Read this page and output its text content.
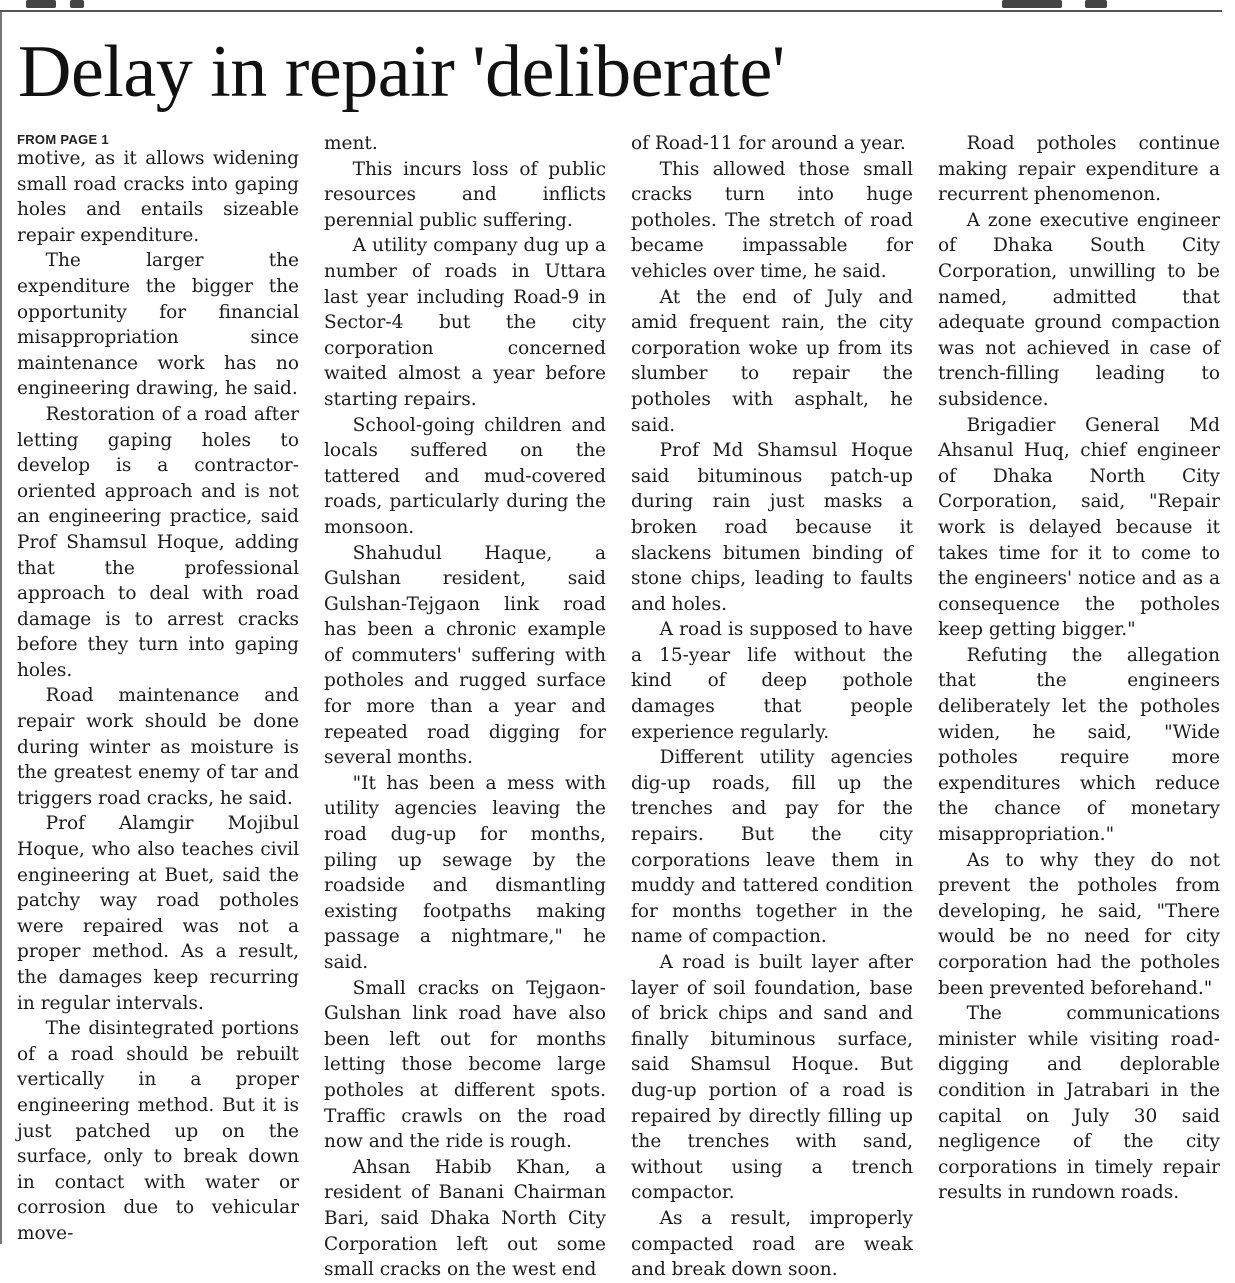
Delay in repair 'deliberate'
FROM PAGE 1

motive, as it allows widening small road cracks into gaping holes and entails sizeable repair expenditure.

The larger the expenditure the bigger the opportunity for financial misappropriation since maintenance work has no engineering drawing, he said.

Restoration of a road after letting gaping holes to develop is a contractor-oriented approach and is not an engineering practice, said Prof Shamsul Hoque, adding that the professional approach to deal with road damage is to arrest cracks before they turn into gaping holes.

Road maintenance and repair work should be done during winter as moisture is the greatest enemy of tar and triggers road cracks, he said.

Prof Alamgir Mojibul Hoque, who also teaches civil engineering at Buet, said the patchy way road potholes were repaired was not a proper method. As a result, the damages keep recurring in regular intervals.

The disintegrated portions of a road should be rebuilt vertically in a proper engineering method. But it is just patched up on the surface, only to break down in contact with water or corrosion due to vehicular move-

ment.

This incurs loss of public resources and inflicts perennial public suffering.

A utility company dug up a number of roads in Uttara last year including Road-9 in Sector-4 but the city corporation concerned waited almost a year before starting repairs.

School-going children and locals suffered on the tattered and mud-covered roads, particularly during the monsoon.

Shahudul Haque, a Gulshan resident, said Gulshan-Tejgaon link road has been a chronic example of commuters' suffering with potholes and rugged surface for more than a year and repeated road digging for several months.

"It has been a mess with utility agencies leaving the road dug-up for months, piling up sewage by the roadside and dismantling existing footpaths making passage a nightmare," he said.

Small cracks on Tejgaon-Gulshan link road have also been left out for months letting those become large potholes at different spots. Traffic crawls on the road now and the ride is rough.

Ahsan Habib Khan, a resident of Banani Chairman Bari, said Dhaka North City Corporation left out some small cracks on the west end

of Road-11 for around a year.

This allowed those small cracks turn into huge potholes. The stretch of road became impassable for vehicles over time, he said.

At the end of July and amid frequent rain, the city corporation woke up from its slumber to repair the potholes with asphalt, he said.

Prof Md Shamsul Hoque said bituminous patch-up during rain just masks a broken road because it slackens bitumen binding of stone chips, leading to faults and holes.

A road is supposed to have a 15-year life without the kind of deep pothole damages that people experience regularly.

Different utility agencies dig-up roads, fill up the trenches and pay for the repairs. But the city corporations leave them in muddy and tattered condition for months together in the name of compaction.

A road is built layer after layer of soil foundation, base of brick chips and sand and finally bituminous surface, said Shamsul Hoque. But dug-up portion of a road is repaired by directly filling up the trenches with sand, without using a trench compactor.

As a result, improperly compacted road are weak and break down soon.

Road potholes continue making repair expenditure a recurrent phenomenon.

A zone executive engineer of Dhaka South City Corporation, unwilling to be named, admitted that adequate ground compaction was not achieved in case of trench-filling leading to subsidence.

Brigadier General Md Ahsanul Huq, chief engineer of Dhaka North City Corporation, said, "Repair work is delayed because it takes time for it to come to the engineers' notice and as a consequence the potholes keep getting bigger."

Refuting the allegation that the engineers deliberately let the potholes widen, he said, "Wide potholes require more expenditures which reduce the chance of monetary misappropriation."

As to why they do not prevent the potholes from developing, he said, "There would be no need for city corporation had the potholes been prevented beforehand."

The communications minister while visiting road-digging and deplorable condition in Jatrabari in the capital on July 30 said negligence of the city corporations in timely repair results in rundown roads.
